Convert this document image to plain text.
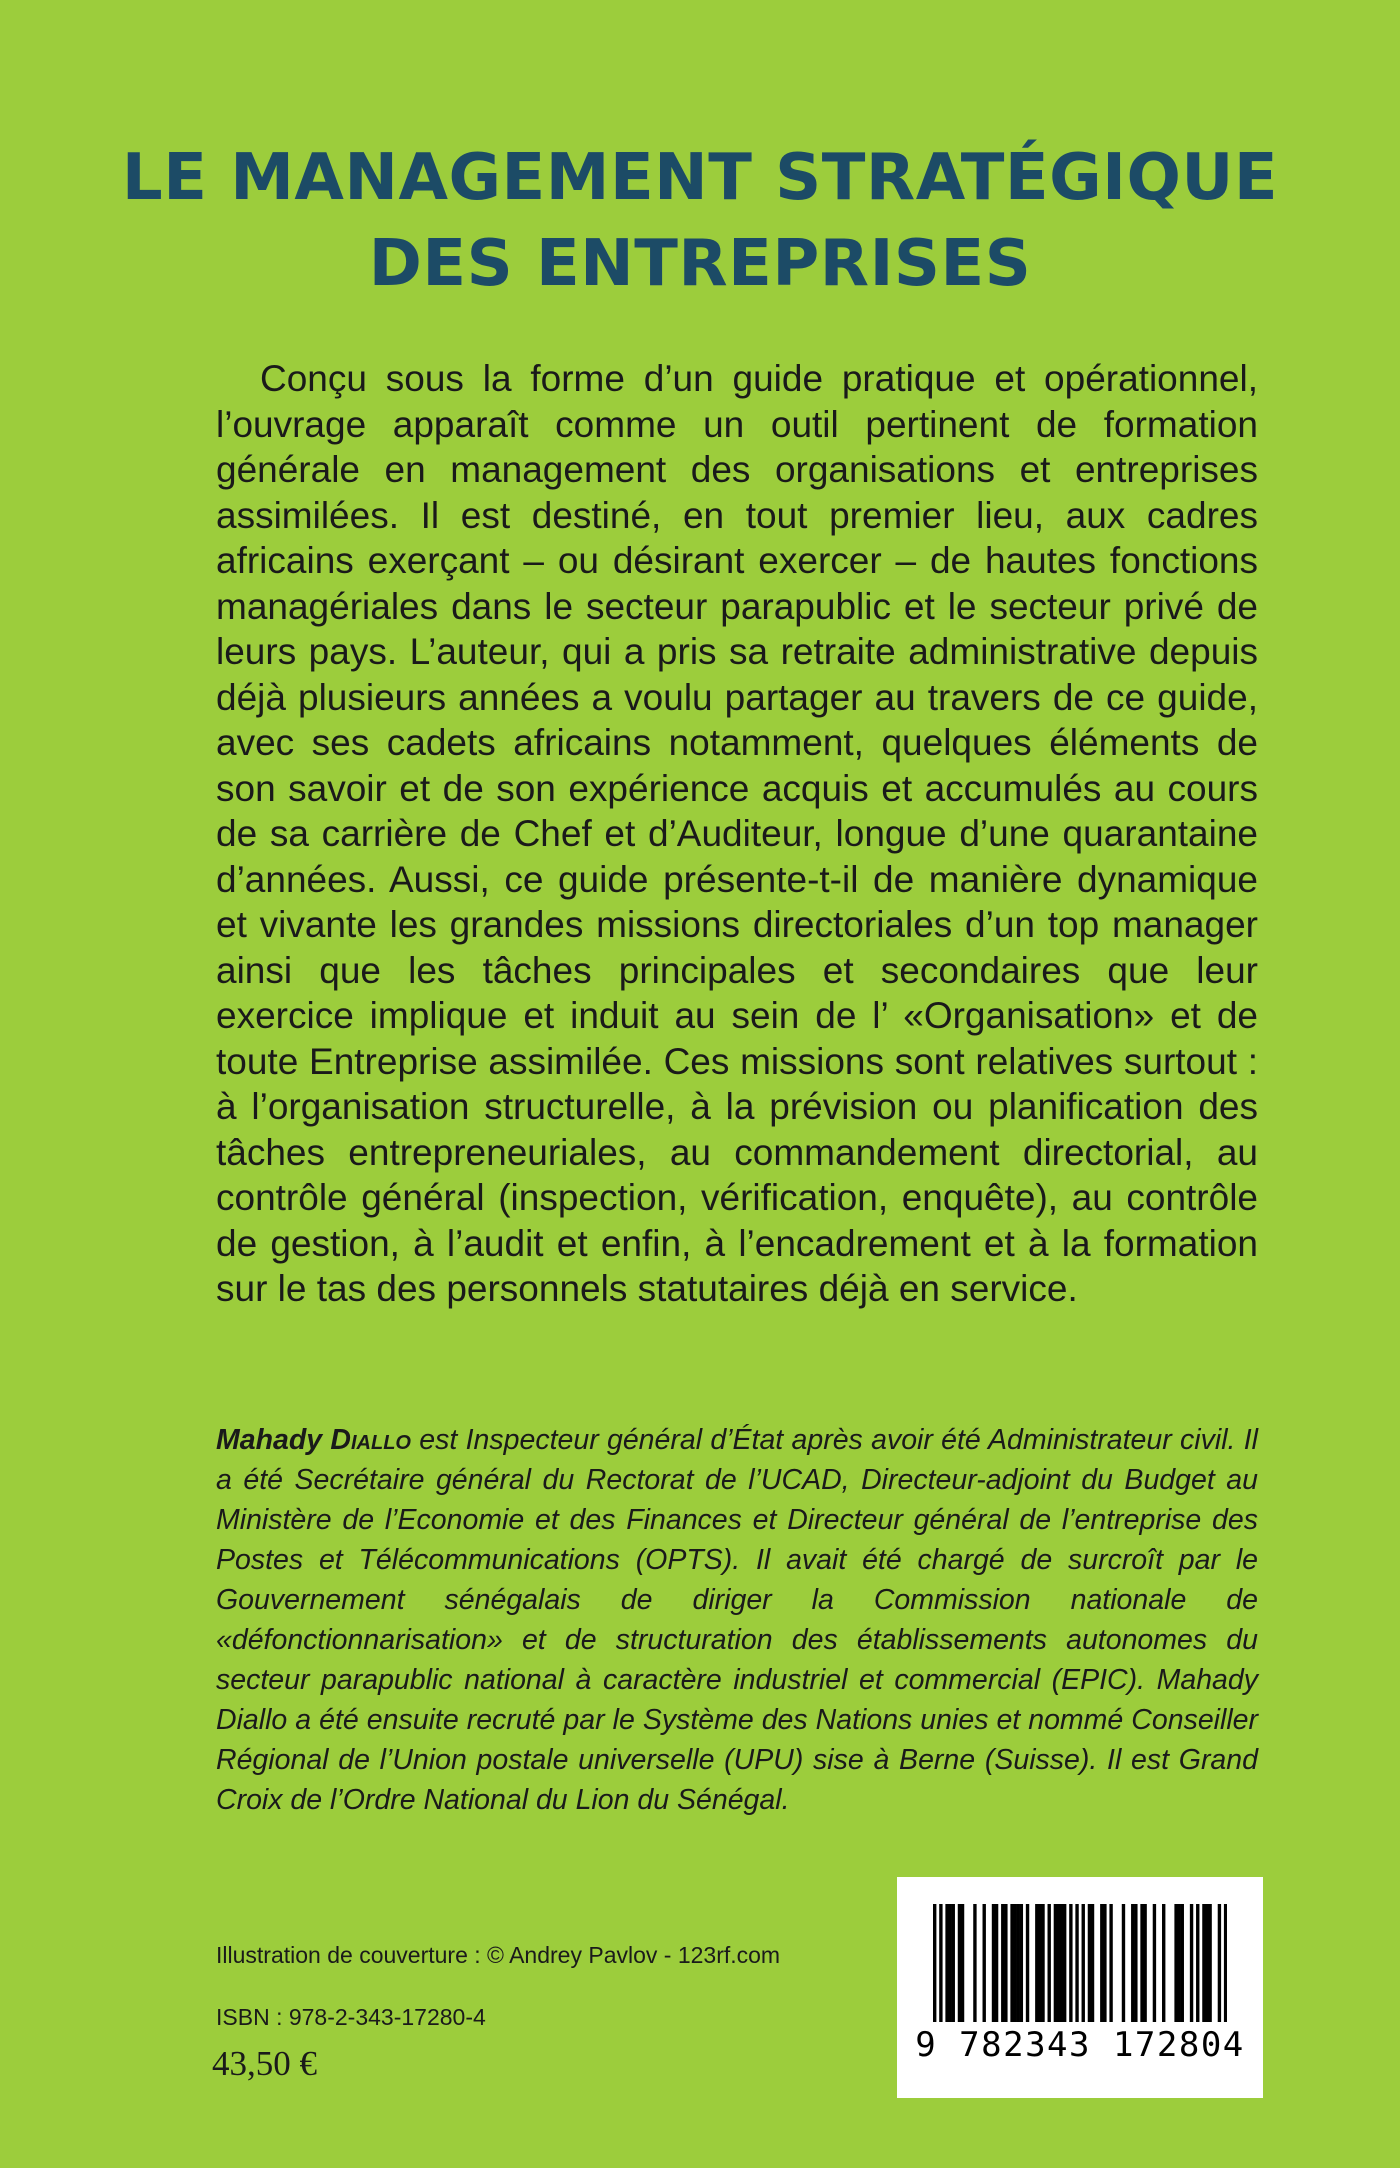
LE MANAGEMENT STRATÉGIQUE
DES ENTREPRISES

Conçu sous la forme d’un guide pratique et opérationnel, l’ouvrage apparaît comme un outil pertinent de formation générale en management des organisations et entreprises assimilées. Il est destiné, en tout premier lieu, aux cadres africains exerçant – ou désirant exercer – de hautes fonctions managériales dans le secteur parapublic et le secteur privé de leurs pays. L’auteur, qui a pris sa retraite administrative depuis déjà plusieurs années a voulu partager au travers de ce guide, avec ses cadets africains notamment, quelques éléments de son savoir et de son expérience acquis et accumulés au cours de sa carrière de Chef et d’Auditeur, longue d’une quarantaine d’années. Aussi, ce guide présente-t-il de manière dynamique et vivante les grandes missions directoriales d’un top manager ainsi que les tâches principales et secondaires que leur exercice implique et induit au sein de l’ «Organisation» et de toute Entreprise assimilée. Ces missions sont relatives surtout : à l’organisation structurelle, à la prévision ou planification des tâches entrepreneuriales, au commandement directorial, au contrôle général (inspection, vérification, enquête), au contrôle de gestion, à l’audit et enfin, à l’encadrement et à la formation sur le tas des personnels statutaires déjà en service.

Mahady Diallo est Inspecteur général d’État après avoir été Administrateur civil. Il a été Secrétaire général du Rectorat de l’UCAD, Directeur-adjoint du Budget au Ministère de l’Economie et des Finances et Directeur général de l’entreprise des Postes et Télécommunications (OPTS). Il avait été chargé de surcroît par le Gouvernement sénégalais de diriger la Commission nationale de «défonctionnarisation» et de structuration des établissements autonomes du secteur parapublic national à caractère industriel et commercial (EPIC). Mahady Diallo a été ensuite recruté par le Système des Nations unies et nommé Conseiller Régional de l’Union postale universelle (UPU) sise à Berne (Suisse). Il est Grand Croix de l’Ordre National du Lion du Sénégal.

Illustration de couverture : © Andrey Pavlov - 123rf.com
ISBN : 978-2-343-17280-4
43,50 €	9 782343 172804
